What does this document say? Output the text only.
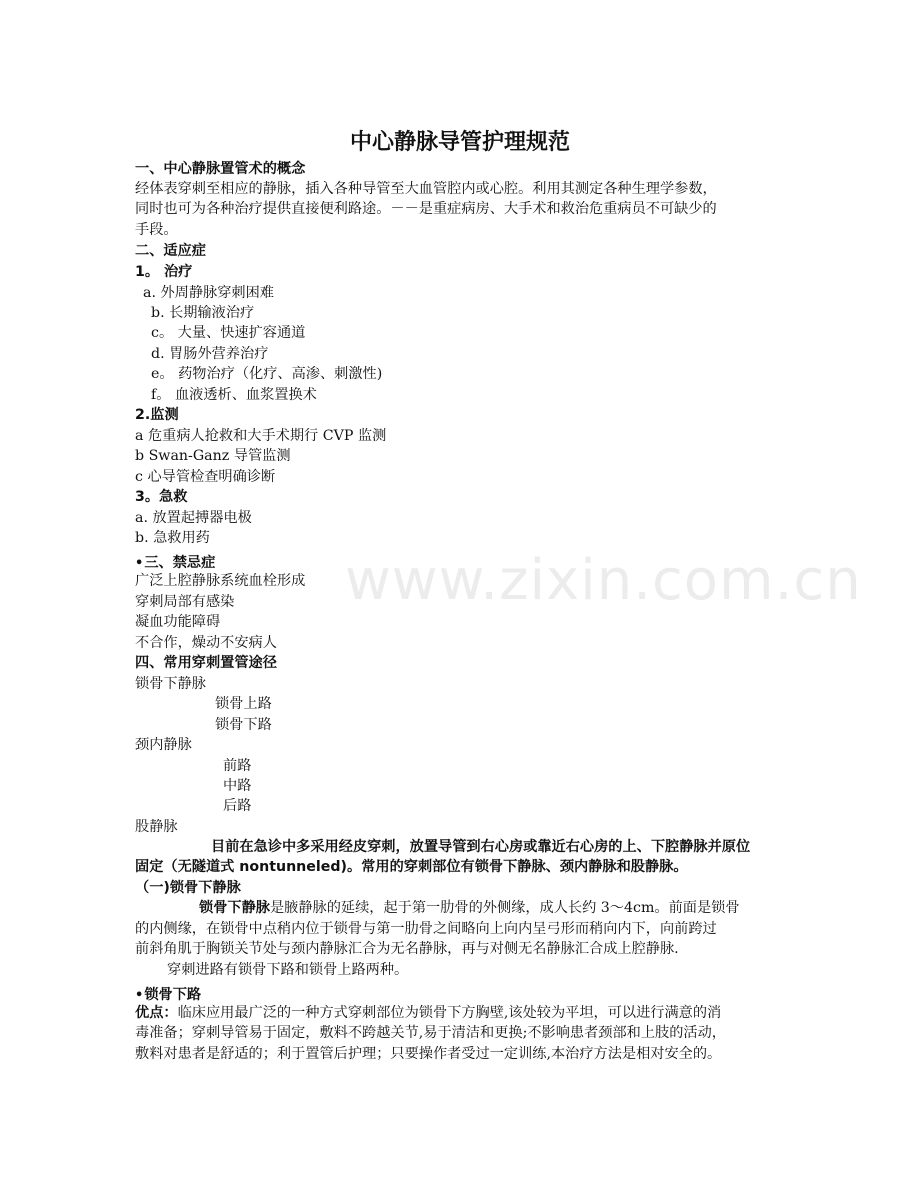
www.zixin.com.cn
中心静脉导管护理规范
一、中心静脉置管术的概念
经体表穿刺至相应的静脉，插入各种导管至大血管腔内或心腔。利用其测定各种生理学参数，
同时也可为各种治疗提供直接便利路途。－－是重症病房、大手术和救治危重病员不可缺少的
手段。
二、适应症
1。 治疗
a. 外周静脉穿刺困难
b. 长期输液治疗
c。 大量、快速扩容通道
d. 胃肠外营养治疗
e。 药物治疗（化疗、高渗、刺激性)
f。 血液透析、血浆置换术
2.监测
a 危重病人抢救和大手术期行 CVP 监测
b Swan-Ganz 导管监测
c 心导管检查明确诊断
3。急救
a. 放置起搏器电极
b. 急救用药
•三、禁忌症
广泛上腔静脉系统血栓形成
穿刺局部有感染
凝血功能障碍
不合作，燥动不安病人
四、常用穿刺置管途径
锁骨下静脉
锁骨上路
锁骨下路
颈内静脉
前路
中路
后路
股静脉
目前在急诊中多采用经皮穿刺，放置导管到右心房或靠近右心房的上、下腔静脉并原位
固定（无隧道式 nontunneled)。常用的穿刺部位有锁骨下静脉、颈内静脉和股静脉。
（一)锁骨下静脉
锁骨下静脉是腋静脉的延续，起于第一肋骨的外侧缘，成人长约 3～4cm。前面是锁骨
的内侧缘，在锁骨中点稍内位于锁骨与第一肋骨之间略向上向内呈弓形而稍向内下，向前跨过
前斜角肌于胸锁关节处与颈内静脉汇合为无名静脉，再与对侧无名静脉汇合成上腔静脉.
穿刺进路有锁骨下路和锁骨上路两种。
•锁骨下路
优点：临床应用最广泛的一种方式穿刺部位为锁骨下方胸壁,该处较为平坦，可以进行满意的消
毒准备；穿刺导管易于固定，敷料不跨越关节,易于清洁和更换;不影响患者颈部和上肢的活动，
敷料对患者是舒适的；利于置管后护理；只要操作者受过一定训练,本治疗方法是相对安全的。
